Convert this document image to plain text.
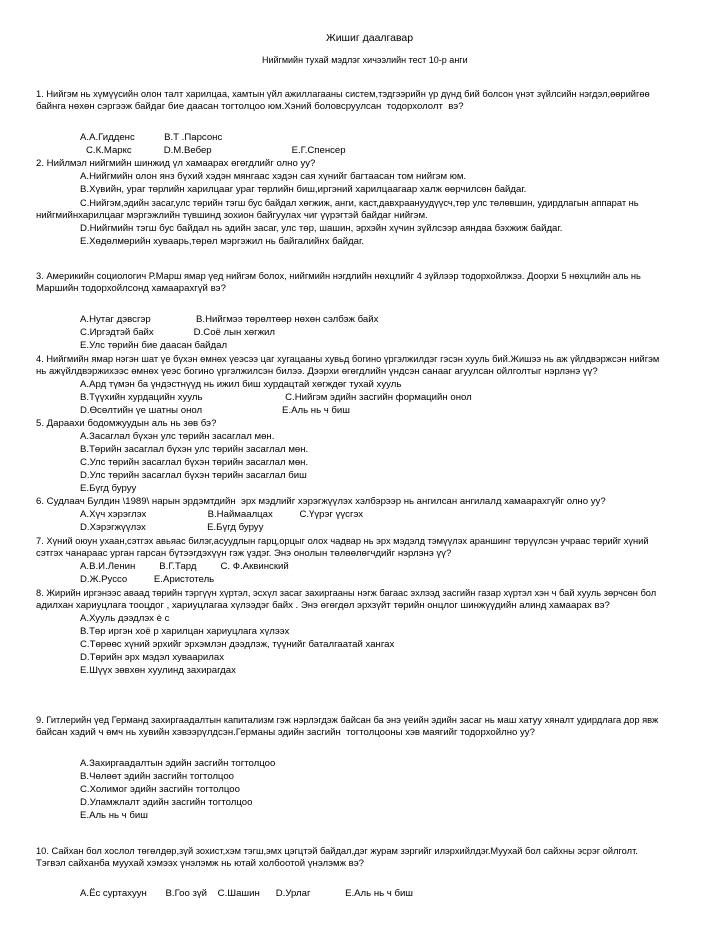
Жишиг даалгавар
Нийгмийн тухай мэдлэг хичээлийн тест 10-р анги
1. Нийгэм нь хүмүүсийн олон талт харилцаа, хамтын үйл ажиллагааны систем,тэдгээрийн үр дүнд бий болсон үнэт зүйлсийн нэгдэл,өөрийгөө
байнга нөхөн сэргээж байдаг бие даасан тогтолцоо юм.Хэний боловсруулсан  тодорхололт  вэ?
А.А.Гидденс           В.Т .Парсонс
С.К.Маркс            D.М.Вебер                              Е.Г.Спенсер
2. Нийлмэл нийгмийн шинжид үл хамаарах өгөгдлийг олно уу?
А.Нийгмийн олон янз бүхий хэдэн мянгаас хэдэн сая хүнийг багтаасан том нийгэм юм.
В.Хүвийн, ураг төрлийн харилцааг ураг төрлийн биш,иргэний харилцаагаар халж өөрчилсөн байдаг.
С.Нийгэм,эдийн засаг,улс төрийн тэгш бус байдал хөгжиж, анги, каст,давхраануудүүсч,төр улс төлөвшин, удирдлагын аппарат нь
нийгмийнхарилцааг мэргэжлийн түвшинд зохион байгуулах чиг үүрэгтэй байдаг нийгэм.
D.Нийгмийн тэгш бус байдал нь эдийн засаг, улс төр, шашин, эрхэйн хүчин зүйлсээр аяндаа бэхжиж байдаг.
Е.Хөдөлмөрийн хуваарь,төрөл мэргэжил нь байгалийнх байдаг.
3. Америкийн социологич Р.Марш ямар үед нийгэм болох, нийгмийн нэгдлийн нөхцлийг 4 зүйлээр тодорхойлжээ. Доорхи 5 нөхцлийн аль нь
Маршийн тодорхойлсонд хамаарахгүй вэ?
А.Нутаг дэвсгэр                 В.Нийгмээ төрөлтөөр нөхөн сэлбэж байх
С.Иргэдтэй байх               D.Соё лын хөгжил
Е.Улс төрийн бие даасан байдал
4. Нийгмийн ямар нэгэн шат үе бүхэн өмнөх үеэсээ цаг хугацааны хувьд богино үргэлжилдэг гэсэн хууль бий.Жишээ нь аж үйлдвэржсэн нийгэм
нь ажүйлдвэржихээс өмнөх үеэс богино үргэлжилсэн билээ. Дээрхи өгөгдлийн үндсэн санааг агуулсан ойлголтыг нэрлэнэ үү?
А.Ард түмэн ба үндэстнүүд нь ижил биш хурдацтай хөгждөг тухай хууль
В.Түүхийн хурдацийн хууль                               С.Нийгэм эдийн засгийн формацийн онол
D.Өсөлтийн үе шатны онол                              Е.Аль нь ч биш
5. Дараахи бодомжуудын аль нь зөв бэ?
А.Засаглал бүхэн улс төрийн засаглал мөн.
В.Төрийн засаглал бүхэн улс төрийн засаглал мөн.
С.Улс төрийн засаглал бүхэн төрийн засаглал мөн.
D.Улс төрийн засаглал бүхэн төрийн засаглал биш
Е.Бүгд буруу
6. Судлаач Булдин \1989\ нарын эрдэмтдийн  эрх мэдлийг хэрэгжүүлэх хэлбэрээр нь ангилсан ангилалд хамаарахгүйг олно уу?
А.Хүч хэрэглэх                       В.Наймаалцах          С.Үүрэг үүсгэх
D.Хэрэгжүүлэх                       Е.Бүгд буруу
7. Хүний оюун ухаан,сэтгэх авьяас билэг,асуудлын гарц,орцыг олох чадвар нь эрх мэдэлд тэмүүлэх араншинг төрүүлсэн учраас төрийг хүний
сэтгэх чанараас урган гарсан бүтээгдэхүүн гэж үздэг. Энэ онолын төлөөлөгчдийг нэрлэнэ үү?
А.В.И.Ленин         В.Г.Тард         С. Ф.Аквинский
D.Ж.Руссо          Е.Аристотель
8. Жирийн иргэнээс аваад төрийн тэргүүн хүртэл, эсхүл засаг захиргааны нэгж багаас эхлээд засгийн газар хүртэл хэн ч бай хууль зөрчсөн бол
адилхан хариуцлага тооцдог , хариуцлагаа хүлээдэг байх . Энэ өгөгдөл эрхзүйт төрийн онцлог шинжүүдийн алинд хамаарах вэ?
А.Хууль дээдлэх è с
В.Төр иргэн хоё р харилцан хариуцлага хүлээх
С.Төрөөс хүний эрхийг эрхэмлэн дээдлэж, түүнийг баталгаатай хангах
D.Төрийн эрх мэдэл хуваарилах
Е.Шүүх зөвхөн хуулинд захирагдах
9. Гитлерийн үед Германд захиргаадалтын капитализм гэж нэрлэгдэж байсан ба энэ үеийн эдийн засаг нь маш хатуу хяналт удирдлага дор явж
байсан хэдий ч өмч нь хувийн хэвээрүлдсэн.Германы эдийн засгийн  тогтолцооны хэв маягийг тодорхойлно уу?
А.Захиргаадалтын эдийн засгийн тогтолцоо
В.Чөлөөт эдийн засгийн тогтолцоо
С.Холимог эдийн засгийн тогтолцоо
D.Уламжлалт эдийн засгийн тогтолцоо
Е.Аль нь ч биш
10. Сайхан бол хослол төгөлдөр,зүй зохист,хэм тэгш,эмх цэгцтэй байдал,дэг журам зэргийг илэрхийлдэг.Муухай бол сайхны эсрэг ойлголт.
Тэгвэл сайханба муухай хэмээх үнэлэмж нь ютай холбоотой үнэлэмж вэ?
А.Ёс суртахуун       В.Гоо зүй    С.Шашин      D.Урлаг             Е.Аль нь ч биш
